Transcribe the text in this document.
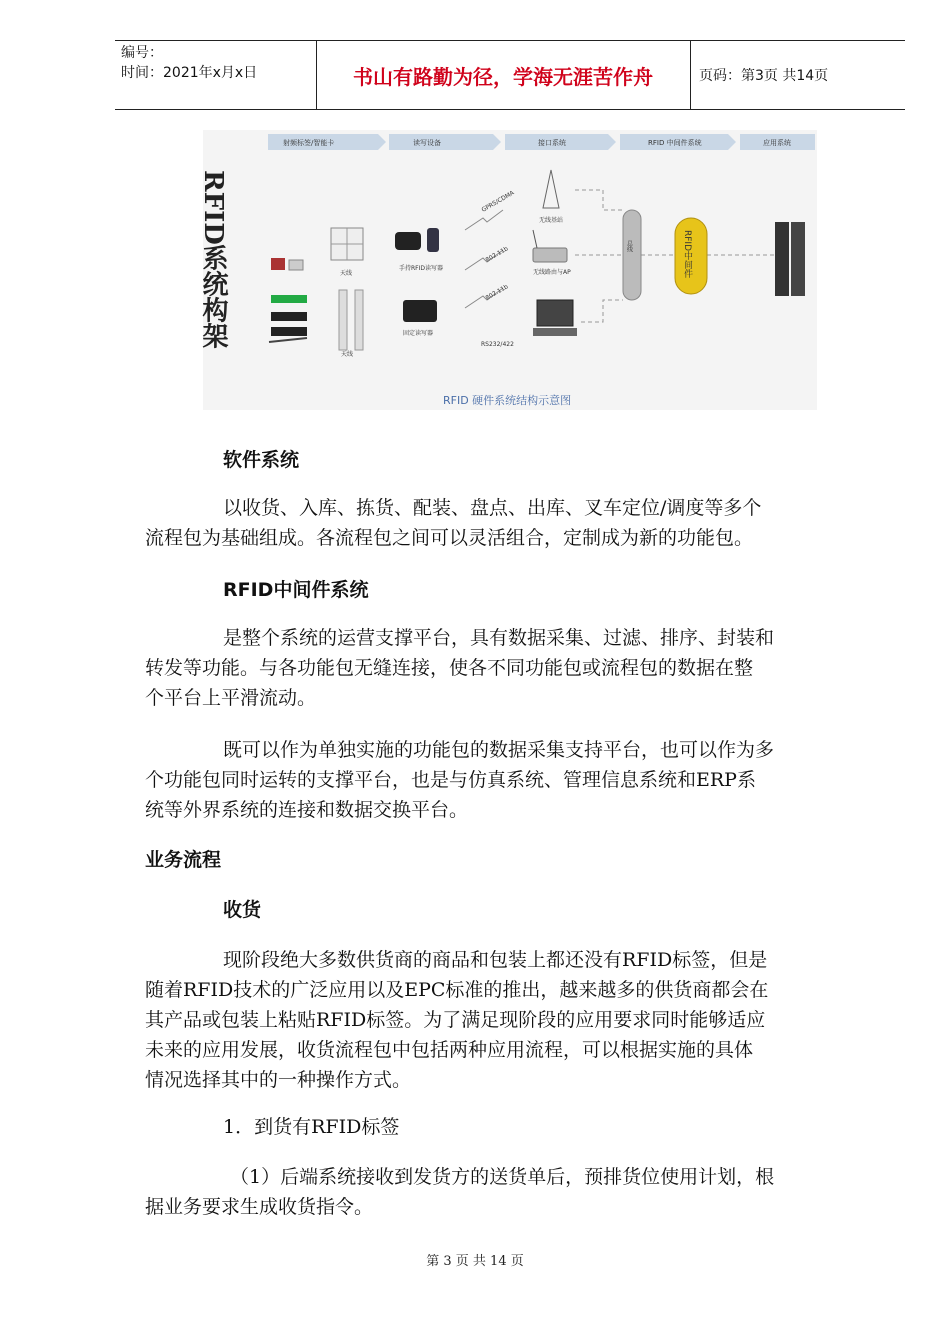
编号：
时间：2021年x月x日	书山有路勤为径，学海无涯苦作舟	页码：第3页 共14页
射频标签/智能卡	读写设备	接口系统	RFID 中间件系统	应用系统
RFID系统构架	天线
天线
手持RFID读写器
固定读写器
GPRS/CDMA
802.11b
802.11b
RS232/422
无线基站
无线路由与AP
总线	RFID中间件
RFID 硬件系统结构示意图

软件系统

以收货、入库、拣货、配装、盘点、出库、叉车定位/调度等多个

流程包为基础组成。各流程包之间可以灵活组合，定制成为新的功能包。

RFID中间件系统

是整个系统的运营支撑平台，具有数据采集、过滤、排序、封装和

转发等功能。与各功能包无缝连接，使各不同功能包或流程包的数据在整

个平台上平滑流动。

既可以作为单独实施的功能包的数据采集支持平台，也可以作为多

个功能包同时运转的支撑平台，也是与仿真系统、管理信息系统和ERP系

统等外界系统的连接和数据交换平台。

业务流程

收货

现阶段绝大多数供货商的商品和包装上都还没有RFID标签，但是

随着RFID技术的广泛应用以及EPC标准的推出，越来越多的供货商都会在

其产品或包装上粘贴RFID标签。为了满足现阶段的应用要求同时能够适应

未来的应用发展，收货流程包中包括两种应用流程，可以根据实施的具体

情况选择其中的一种操作方式。

1．到货有RFID标签

（1）后端系统接收到发货方的送货单后，预排货位使用计划，根

据业务要求生成收货指令。

第 3 页 共 14 页
